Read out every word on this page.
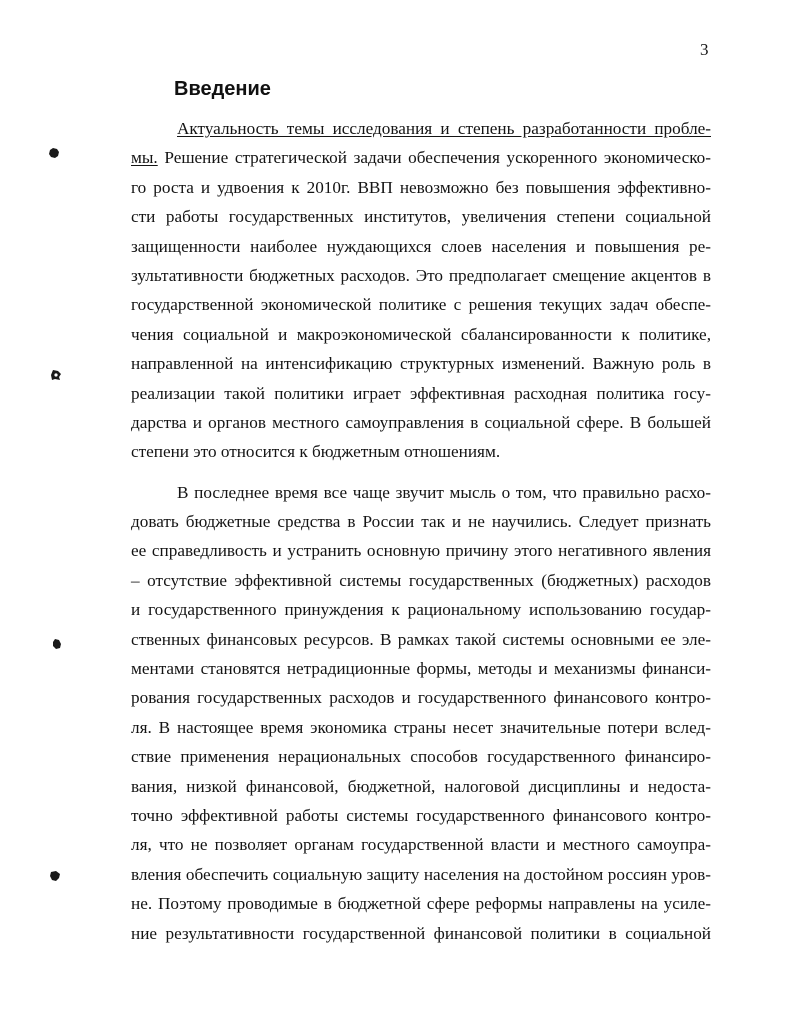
3
Введение
Актуальность темы исследования и степень разработанности пробле-
мы. Решение стратегической задачи обеспечения ускоренного экономическо-
го роста и удвоения к 2010г. ВВП невозможно без повышения эффективно-
сти работы государственных институтов, увеличения степени социальной
защищенности наиболее нуждающихся слоев населения и повышения ре-
зультативности бюджетных расходов. Это предполагает смещение акцентов в
государственной экономической политике с решения текущих задач обеспе-
чения социальной и макроэкономической сбалансированности к политике,
направленной на интенсификацию структурных изменений. Важную роль в
реализации такой политики играет эффективная расходная политика госу-
дарства и органов местного самоуправления в социальной сфере. В большей
степени это относится к бюджетным отношениям.
В последнее время все чаще звучит мысль о том, что правильно расхо-
довать бюджетные средства в России так и не научились. Следует признать
ее справедливость и устранить основную причину этого негативного явления
– отсутствие эффективной системы государственных (бюджетных) расходов
и государственного принуждения к рациональному использованию государ-
ственных финансовых ресурсов. В рамках такой системы основными ее эле-
ментами становятся нетрадиционные формы, методы и механизмы финанси-
рования государственных расходов и государственного финансового контро-
ля. В настоящее время экономика страны несет значительные потери вслед-
ствие применения нерациональных способов государственного финансиро-
вания, низкой финансовой, бюджетной, налоговой дисциплины и недоста-
точно эффективной работы системы государственного финансового контро-
ля, что не позволяет органам государственной власти и местного самоупра-
вления обеспечить социальную защиту населения на достойном россиян уров-
не. Поэтому проводимые в бюджетной сфере реформы направлены на усиле-
ние результативности государственной финансовой политики в социальной
